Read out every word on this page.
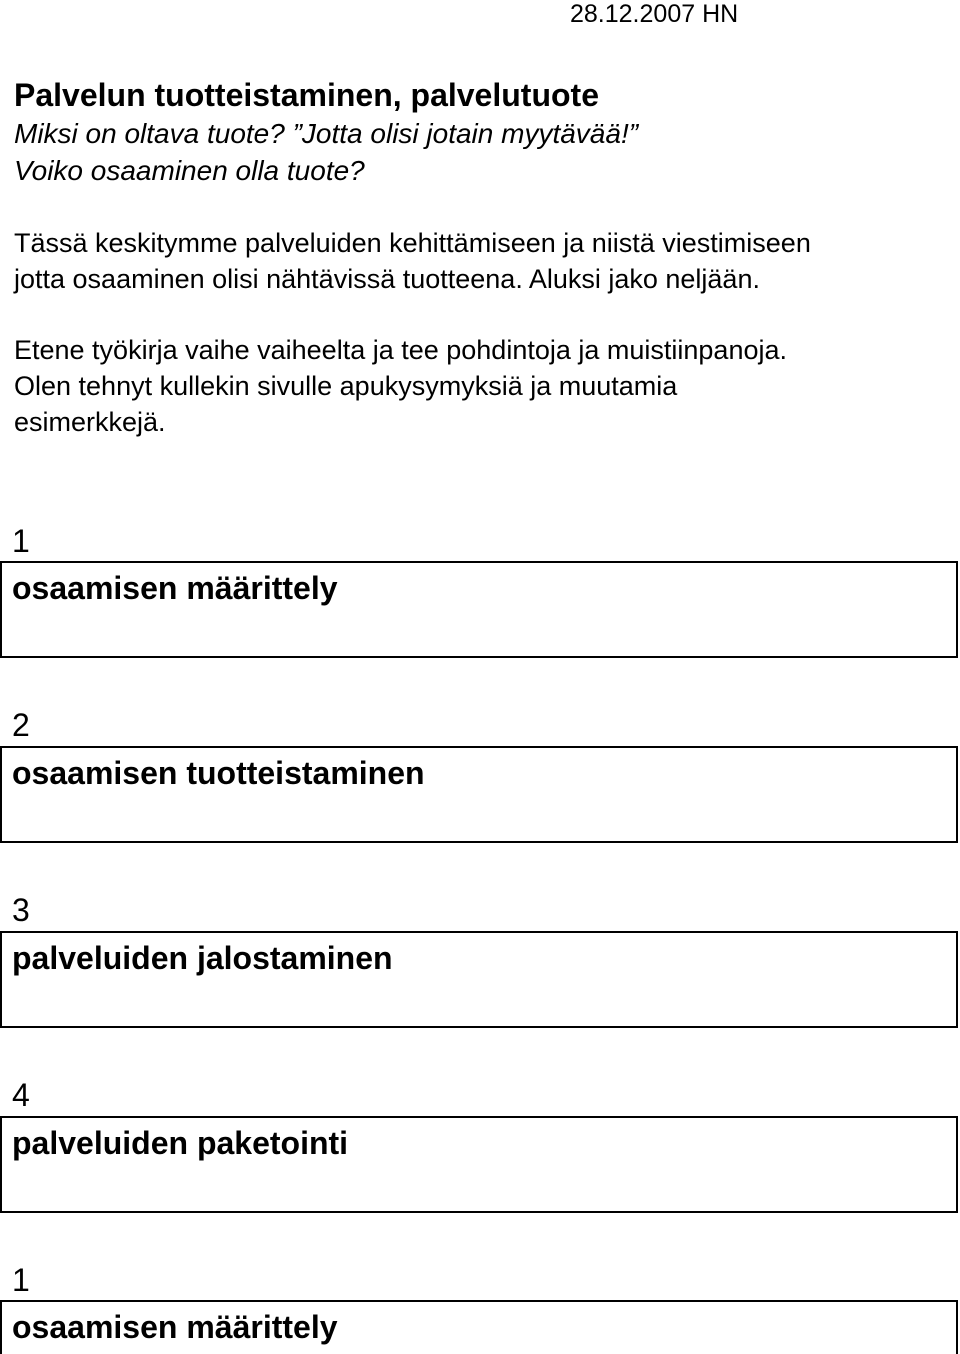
28.12.2007 HN
Palvelun tuotteistaminen, palvelutuote
Miksi on oltava tuote? ”Jotta olisi jotain myytävää!”
Voiko osaaminen olla tuote?
Tässä keskitymme palveluiden kehittämiseen ja niistä viestimiseen
jotta osaaminen olisi nähtävissä tuotteena. Aluksi jako neljään.
Etene työkirja vaihe vaiheelta ja tee pohdintoja ja muistiinpanoja.
Olen tehnyt kullekin sivulle apukysymyksiä ja muutamia
esimerkkejä.
1
osaamisen määrittely
2
osaamisen tuotteistaminen
3
palveluiden jalostaminen
4
palveluiden paketointi
1
osaamisen määrittely
